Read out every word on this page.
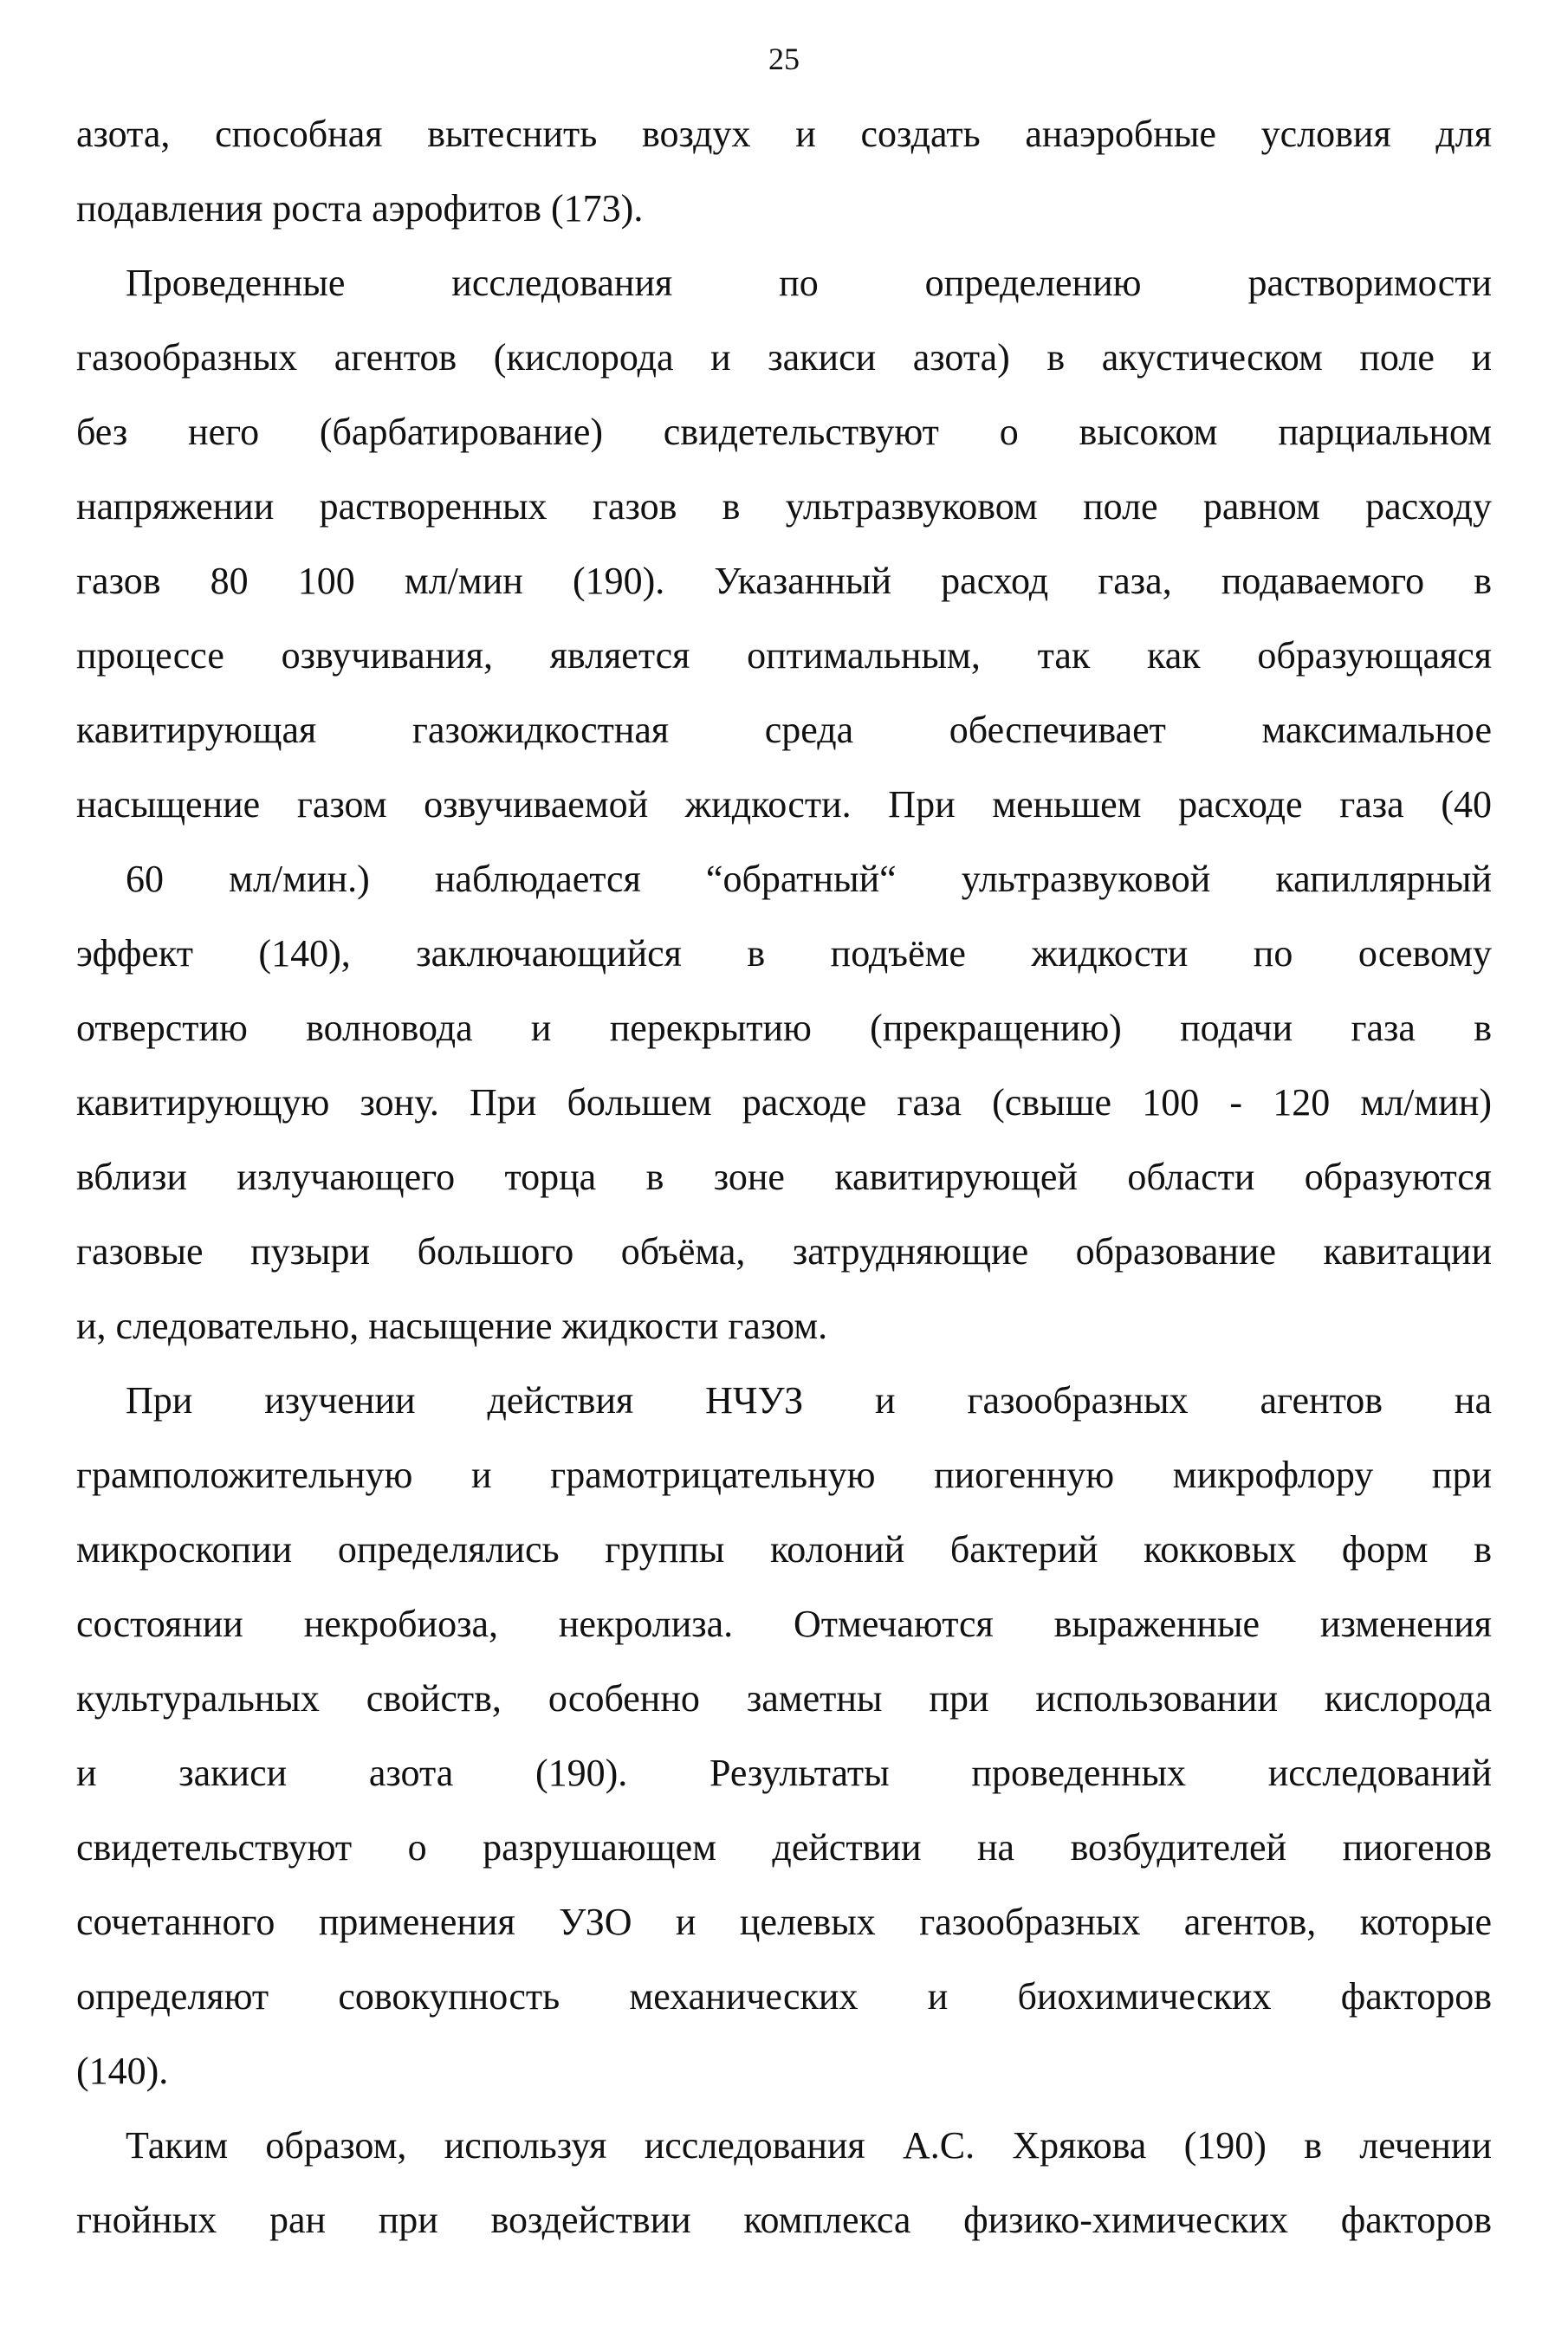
25
азота, способная вытеснить воздух и создать анаэробные условия для
подавления роста аэрофитов (173).
Проведенные исследования по определению растворимости
газообразных агентов (кислорода и закиси азота) в акустическом поле и
без него (барбатирование) свидетельствуют о высоком парциальном
напряжении растворенных газов в ультразвуковом поле равном расходу
газов 80 100 мл/мин (190). Указанный расход газа, подаваемого в
процессе озвучивания, является оптимальным, так как образующаяся
кавитирующая газожидкостная среда обеспечивает максимальное
насыщение газом озвучиваемой жидкости. При меньшем расходе газа (40
60 мл/мин.) наблюдается “обратный“ ультразвуковой капиллярный
эффект (140), заключающийся в подъёме жидкости по осевому
отверстию волновода и перекрытию (прекращению) подачи газа в
кавитирующую зону. При большем расходе газа (свыше 100 - 120 мл/мин)
вблизи излучающего торца в зоне кавитирующей области образуются
газовые пузыри большого объёма, затрудняющие образование кавитации
и, следовательно, насыщение жидкости газом.
При изучении действия НЧУЗ и газообразных агентов на
грамположительную и грамотрицательную пиогенную микрофлору при
микроскопии определялись группы колоний бактерий кокковых форм в
состоянии некробиоза, некролиза. Отмечаются выраженные изменения
культуральных свойств, особенно заметны при использовании кислорода
и закиси азота (190). Результаты проведенных исследований
свидетельствуют о разрушающем действии на возбудителей пиогенов
сочетанного применения УЗО и целевых газообразных агентов, которые
определяют совокупность механических и биохимических факторов
(140).
Таким образом, используя исследования А.С. Хрякова (190) в лечении
гнойных ран при воздействии комплекса физико-химических факторов
